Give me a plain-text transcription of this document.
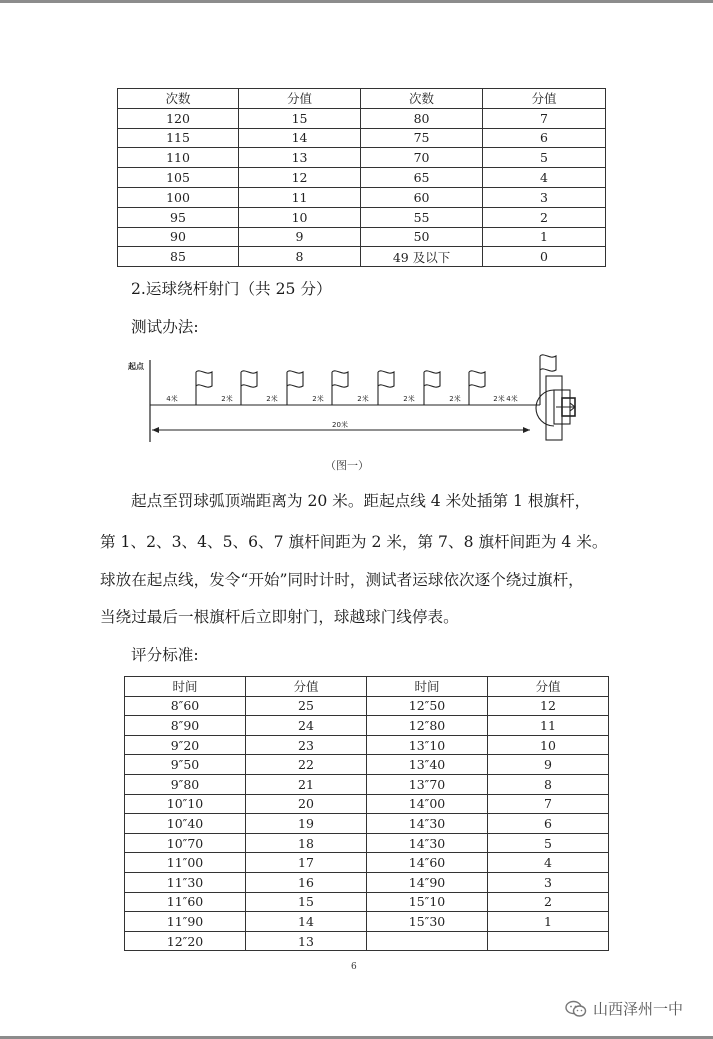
次数	分值	次数	分值
120	15	80	7
115	14	75	6
110	13	70	5
105	12	65	4
100	11	60	3
95	10	55	2
90	9	50	1
85	8	49 及以下	0
2.运球绕杆射门（共 25 分）
测试办法:
起点
4米	2米	2米	2米	2米	2米	2米	2米 4米
20米
（图一）
起点至罚球弧顶端距离为 20 米。距起点线 4 米处插第 1 根旗杆，
第 1、2、3、4、5、6、7 旗杆间距为 2 米，第 7、8 旗杆间距为 4 米。
球放在起点线，发令“开始”同时计时，测试者运球依次逐个绕过旗杆，
当绕过最后一根旗杆后立即射门，球越球门线停表。
评分标准:
时间	分值	时间	分值
8″60	25	12″50	12
8″90	24	12″80	11
9″20	23	13″10	10
9″50	22	13″40	9
9″80	21	13″70	8
10″10	20	14″00	7
10″40	19	14″30	6
10″70	18	14″30	5
11″00	17	14″60	4
11″30	16	14″90	3
11″60	15	15″10	2
11″90	14	15″30	1
12″20	13		
6
山西泽州一中
